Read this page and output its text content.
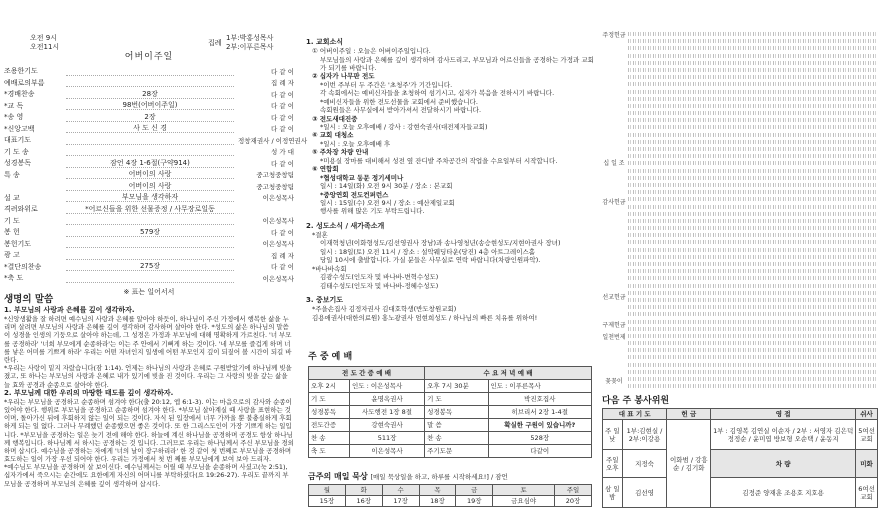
오전 9시
오전11시	집례
1부:박홍성목사
2부:이푸른목사
어버이주일
조용한기도	다 같 이
예배로의부름	집 례 자
*경배찬송	28장	다 같 이
*교 독	98번(어버이주일)	다 같 이
*송 영	2장	다 같 이
*신앙고백	사 도 신 경	다 같 이
대표기도	정창재권사 / 이정연권사
기 도 송	성 가 대
성경봉독	잠언 4장 1-6절(구약914)	다 같 이
특 송	어버이의 사랑	중고청중창팀
어버이의 사랑	중고청중창팀
설 교	부모님을 생각하자	이은성목사
격려와위로	*어르신들을 위한 선물증정 / 사무장로일동
기 도	이은성목사
봉 헌	579장	다 같 이
봉헌기도	이은성목사
광 고	집 례 자
*결단의찬송	275장	다 같 이
*축 도	이은성목사
※ 표는 일어서서
생명의 말씀
1. 부모님의 사랑과 은혜를 깊이 생각하자.
*신앙생활을 잘 하려면 예수님의 사랑과 은혜를 알아야 하듯이, 하나님이 주신 가정에서 행복한 삶을 누리며 살려면 부모님의 사랑과 은혜를 깊이 생각하며 감사하며 살아야 한다. *성도의 삶은 하나님의 말씀이 성경을 인생의 기둥으로 살아야 하는데, 그 성경은 가정과 부모님에 대해 명확하게 가르친다. '너 부모를 공경하라' '너희 부모에게 순종하라'는 이는 주 안에서 기뻐게 하는 것이다. '네 부모를 즐겁게 하며 너를 낳은 어미를 기쁘게 하라' 우리는 어떤 자녀인지 일생에 어떤 부모인지 깊이 되짚어 볼 시간이 되길 바란다.
*우리는 사랑이 밑지 자랐습니다(잠 1:14). 언제는 하나님의 사랑과 은혜로 구원받았기에 하나님께 빚을 졌고, 또 하나는 부모님의 사랑과 은혜로 내가 있기에 빚을 진 것이다. 우리는 그 사랑의 빚을 갚는 삶을 늘 효와 공경과 순종으로 살아야 한다.
2. 부모님께 대한 우리의 마땅한 태도를 깊이 생각하자.
*우리는 부모님을 공경하고 순종하며 섬겨야 한다(출 20:12, 엡 6:1-3). 이는 마음으로의 감사와 순종이 있어야 한다. 행위로 부모님을 공경하고 순종하며 섬겨야 한다. *부모님 살아계실 때 사랑을 표현하는 것이며, 돌아가신 뒤에 후회하지 않는 일이 되는 것이다. 자식 된 입장에서 너무 가까울 뿐 불충실하게 후회하게 되는 일 없다. 그러나 무례했던 순종했으면 좋은 것이다. 또 한 그리스도인이 가장 기쁘게 하는 일입니다. *부모님을 공경하는 일은 늦기 전에 해야 한다. 하늘에 계신 하나님을 공경하며 공경도 항상 하나님께 행복입니다. 하나님께 서 하시는 공경하는 것 입니다. 그러므로 우리는 하나님께서 주신 부모님을 경외하며 삽시다. 예수님을 공경하는 자에게 '너의 날이 장구하리라' 한 것 같이 첫 번째로 부모님을 공경하며 효도하는 일이 가장 우선 되어야 한다. 우리는 가정에서 첫 번 째를 부모님에게 보여 보아 드리자.
*예수님도 부모님을 공경하며 살 보이신다. 예수님께서는 어릴 때 부모님을 순종하며 사셨고(눅 2:51), 십자가에서 죽으시는 순간에도 요한에게 자신의 어머니를 부탁하셨다(요 19:26-27). 우리도 끝까지 부모님을 공경하며 부모님의 은혜를 깊이 생각하며 삽시다.
1. 교회소식
① 어버이주일 : 오늘은 어버이주일입니다.
부모님들의 사랑과 은혜를 깊이 생각하며 감사드리고, 부모님과 어르신들을 공경하는 가정과 교회가 되기를 바랍니다.
② 십자가 나무판 전도
*이번 주부터 두 주간은 '초청주'가 기간입니다.
각 속회에서는 예비신자들을 초청하여 섬기시고, 십자가 복음을 전하시기 바랍니다.
*예비신자들을 위한 전도선물을 교회에서 준비했습니다.
속회원들은 사무실에서 받아가셔서 전달하시기 바랍니다.
③ 전도새대진중
*일시 : 오늘 오후예배 / 강사 : 강현숙권사(대전제자들교회)
④ 교회 대청소
*일시 : 오늘 오후예배 후
⑤ 주차장 차량 안내
*미용실 장마를 대비해서 성전 옆 잔디밭 주차공간의 작업을 수요일부터 시작합니다.
⑥ 연합회
*협성대학교 동문 정기세미나
일시 : 14일(화) 오전 9시 30분 / 장소 : 본교회
*중앙연회 전도컨퍼런스
일시 : 15일(수) 오전 9시 / 장소 : 예산제일교회
행사를 위해 많은 기도 부탁드립니다.
2. 성도소식 / 새가족소개
*결혼
이재혁청년(이화형성도/김선영권사 장남)과 송나영청년(송승현성도/지현아권사 장녀)
일시 : 18일(토) 오전 11시 / 장소 : 설악웨딩타운(당진) 4층 아트그레이스홀
당일 10시에 출발합니다. 가실 분들은 사무실로 연락 바랍니다(차량인원파악).
*바나바속회
김광수성도(인도자 및 바나바-변혁수성도)
김태수성도(인도자 및 바나바-정혜수성도)
3. 중보기도
*주을손집사 김정자권사 김대호학생(반도창원교회)
김용애권사(대한의료원) 홍노광권사 엄현희성도 / 하나님의 빠른 치유를 위하여!
주 중 예 배
전 도 간 증 예 배		수 요 저 녁 예 배	
오후 2시	인도 : 이은성목사	오후 7시 30분	인도 : 이푸른목사
기 도	윤명옥권사	기 도	박진호집사
성경봉독	사도행전 1장 8절	성경봉독	히브리서 2장 1-4절
전도간증	강현숙권사	말 씀	확실한 구원이 있습니까?
찬 송	511장	찬 송	528장
축 도	이은성목사	주기도문	다같이
금주의 매일 묵상 [매일 묵상일을 하고, 하루를 시작하세요!] / 잠언
월	화	수	목	금	토	주일
15장	16장	17장	18장	19장	금요심야	20장
주정헌금
십 일 조
감사헌금
선교헌금
구제헌금
일천번제
꽃꽂이
다음 주 봉사위원
대 표 기 도		헌 금	영 접	쉬사
주 일 낮	1부:김현실 / 2부:이강용	이화범 / 강흥순 / 김기화	1부 : 김영복 김연실 이순자 / 2부 : 서영자 김은덕 정정순 / 윤미엽 방보형 오순택 / 윤동지	5여선교회
주일오후	지정숙		차 량	미화
삼 일 밤	김선영		김정준 양재훈 조용호 지호용	6여선교회
